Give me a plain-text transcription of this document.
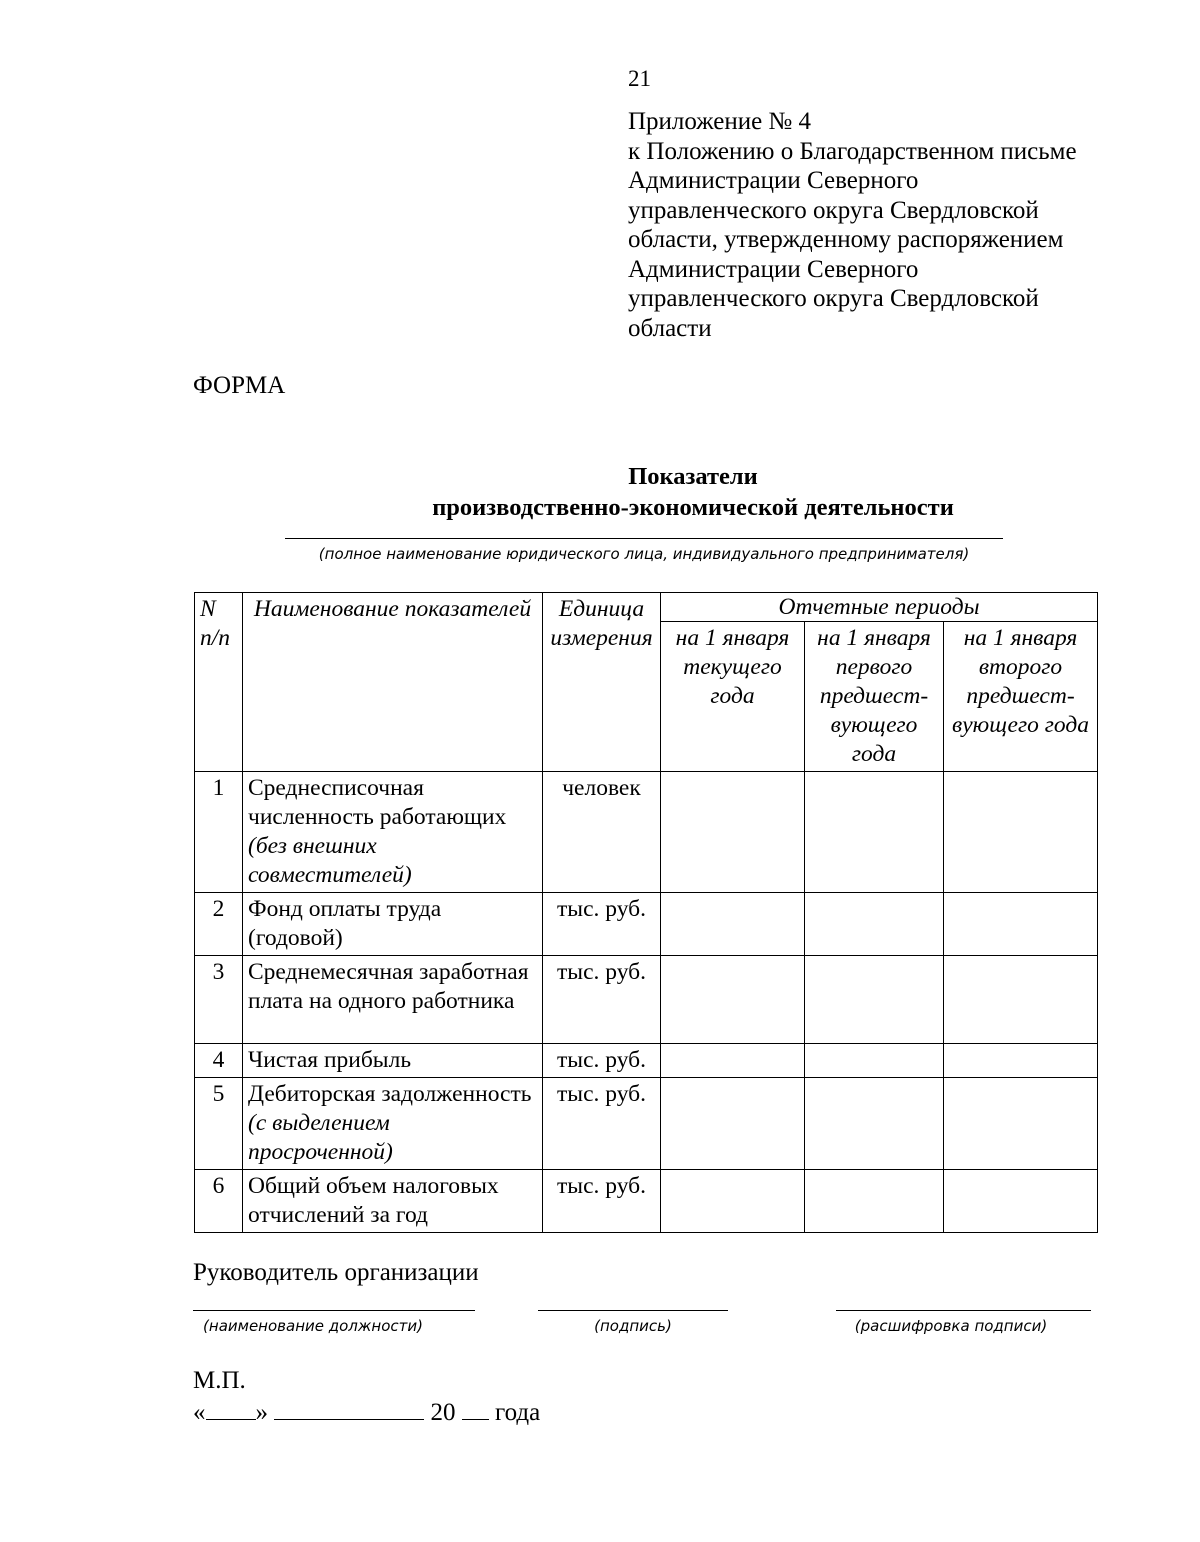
21
Приложение № 4
к Положению о Благодарственном письме
Администрации Северного
управленческого округа Свердловской
области, утвержденному распоряжением
Администрации Северного
управленческого округа Свердловской
области
ФОРМА
Показатели
производственно-экономической деятельности
(полное наименование юридического лица, индивидуального предпринимателя)
N п/п	Наименование показателей	Единица измерения	Отчетные периоды		
			на 1 января текущего года	на 1 января первого предшест-вующего года	на 1 января второго предшест-вующего года
1	Среднесписочная численность работающих (без внешних совместителей)	человек			
2	Фонд оплаты труда (годовой)	тыс. руб.			
3	Среднемесячная заработная плата на одного работника	тыс. руб.			
4	Чистая прибыль	тыс. руб.			
5	Дебиторская задолженность (с выделением просроченной)	тыс. руб.			
6	Общий объем налоговых отчислений за год	тыс. руб.			
Руководитель организации
(наименование должности)	(подпись)	(расшифровка подписи)
М.П.
« »	20 года
